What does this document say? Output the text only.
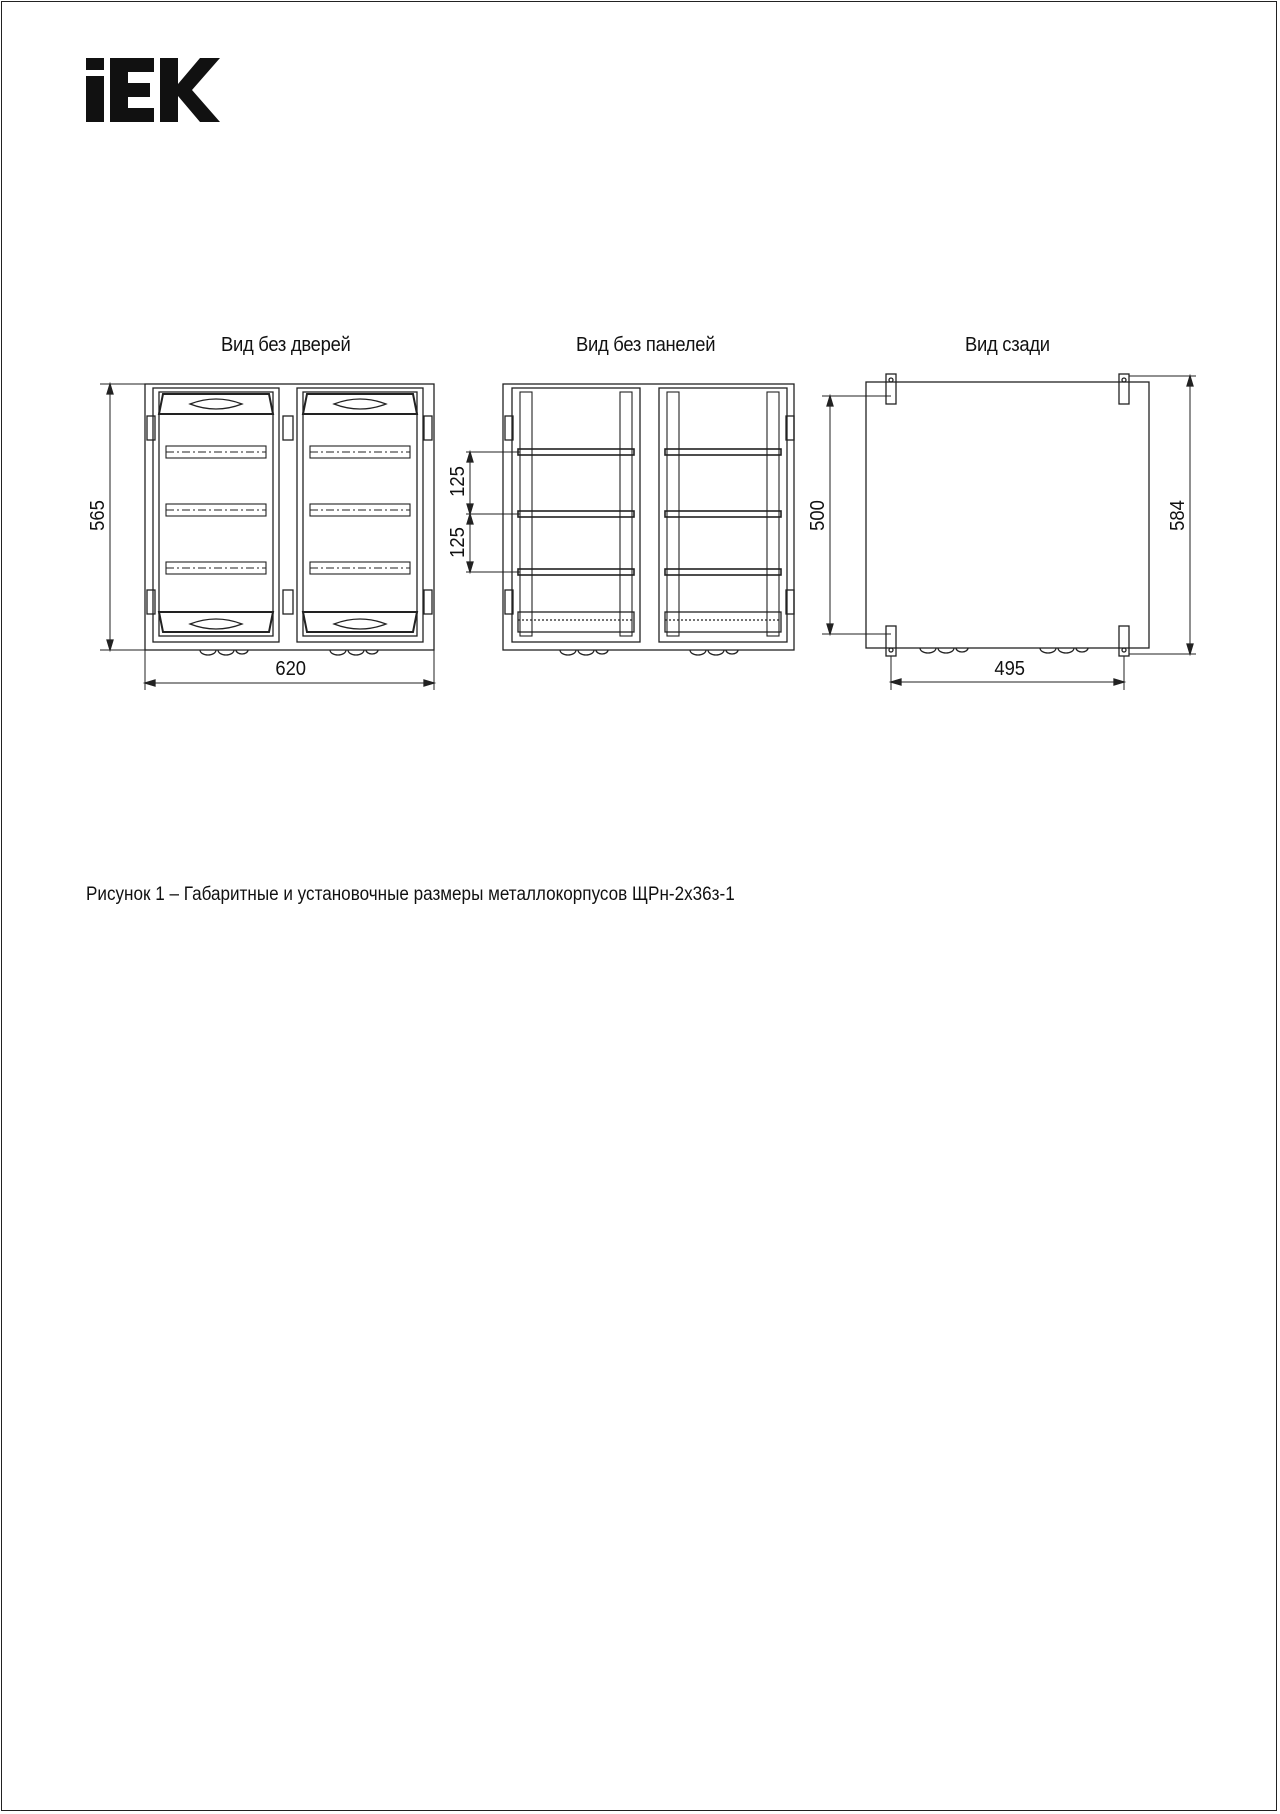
Вид без дверей	Вид без панелей	Вид сзади
565
620
125
125
500	584
495
Рисунок 1 – Габаритные и установочные размеры металлокорпусов ЩРн-2х36з-1
